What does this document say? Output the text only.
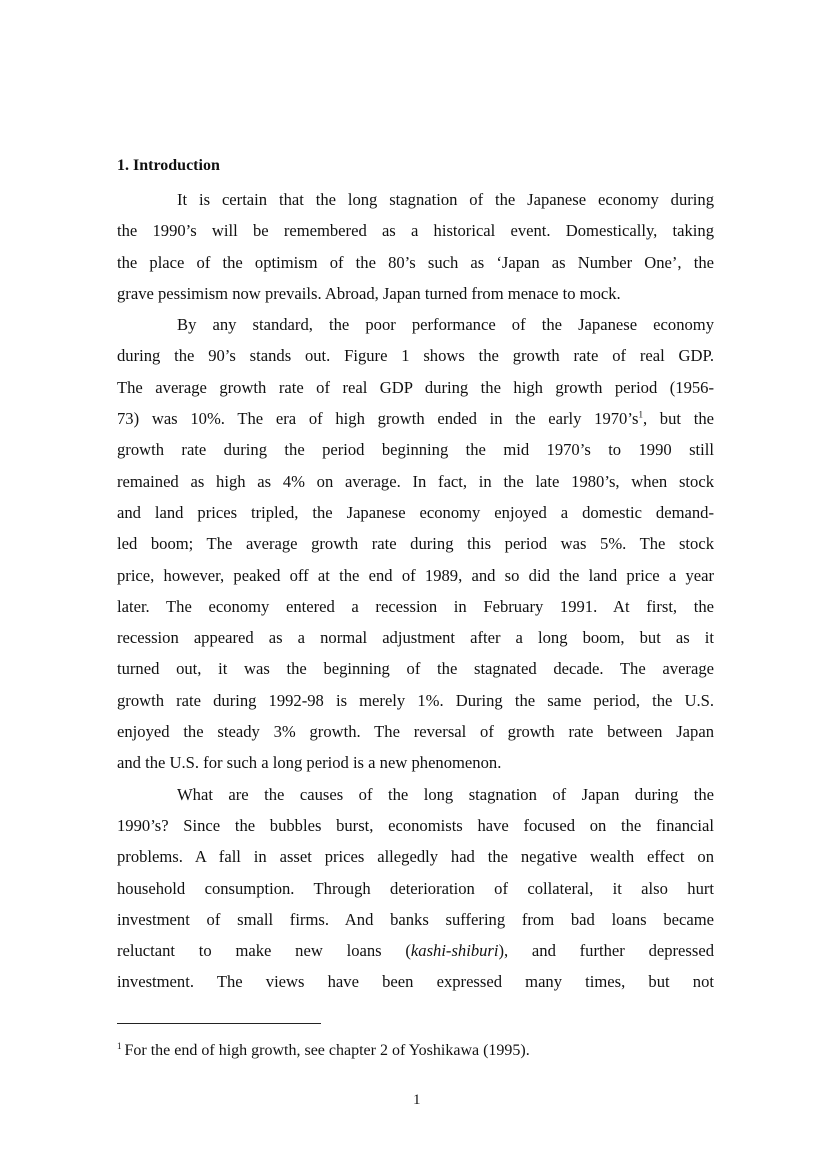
1. Introduction
It is certain that the long stagnation of the Japanese economy during
the 1990’s will be remembered as a historical event. Domestically, taking
the place of the optimism of the 80’s such as ‘Japan as Number One’, the
grave pessimism now prevails. Abroad, Japan turned from menace to mock.
By any standard, the poor performance of the Japanese economy
during the 90’s stands out. Figure 1 shows the growth rate of real GDP.
The average growth rate of real GDP during the high growth period (1956-
73) was 10%. The era of high growth ended in the early 1970’s$^1$, but the
growth rate during the period beginning the mid 1970’s to 1990 still
remained as high as 4% on average. In fact, in the late 1980’s, when stock
and land prices tripled, the Japanese economy enjoyed a domestic demand-
led boom; The average growth rate during this period was 5%. The stock
price, however, peaked off at the end of 1989, and so did the land price a year
later. The economy entered a recession in February 1991. At first, the
recession appeared as a normal adjustment after a long boom, but as it
turned out, it was the beginning of the stagnated decade. The average
growth rate during 1992-98 is merely 1%. During the same period, the U.S.
enjoyed the steady 3% growth. The reversal of growth rate between Japan
and the U.S. for such a long period is a new phenomenon.
What are the causes of the long stagnation of Japan during the
1990’s? Since the bubbles burst, economists have focused on the financial
problems. A fall in asset prices allegedly had the negative wealth effect on
household consumption. Through deterioration of collateral, it also hurt
investment of small firms. And banks suffering from bad loans became
reluctant to make new loans (kashi-shiburi), and further depressed
investment. The views have been expressed many times, but not
$^1$ For the end of high growth, see chapter 2 of Yoshikawa (1995).
1
